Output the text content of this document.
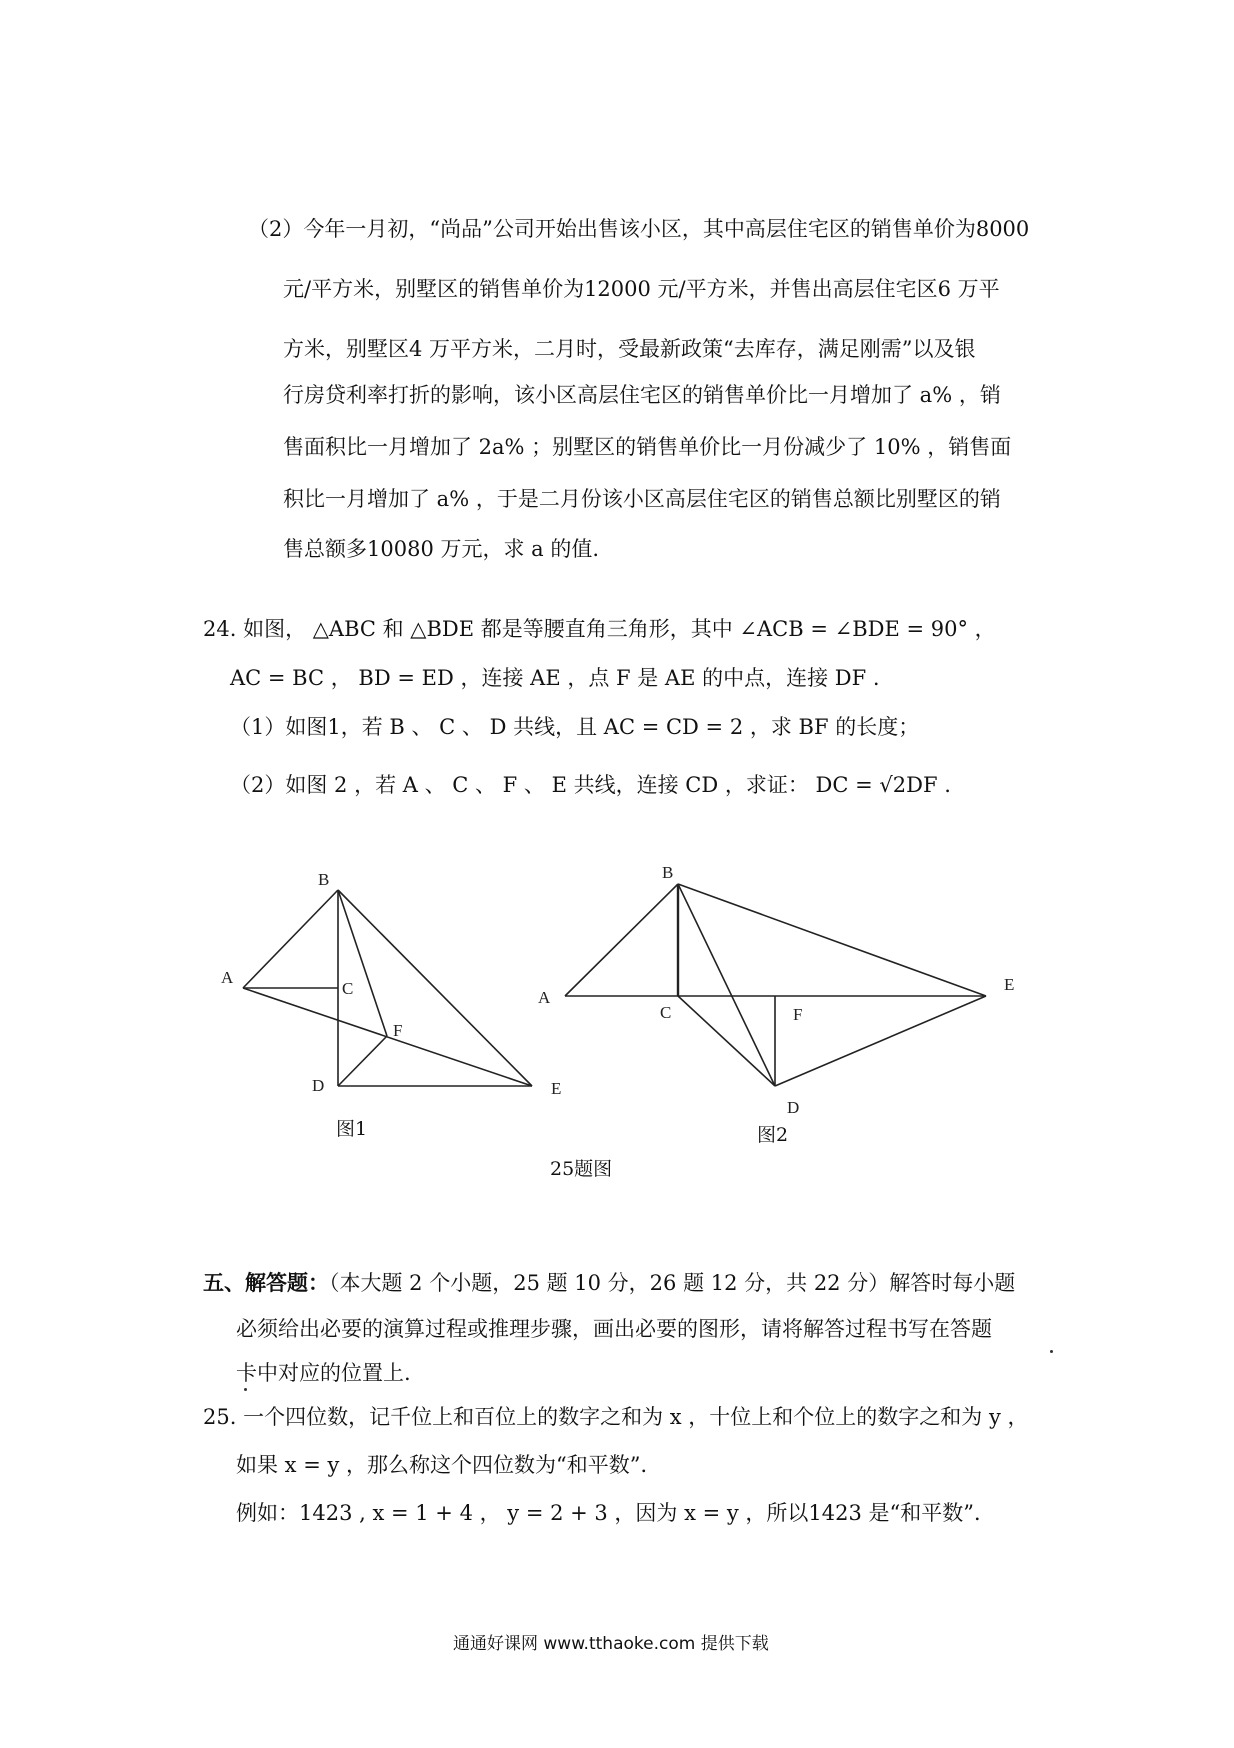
（2）今年一月初，“尚品”公司开始出售该小区，其中高层住宅区的销售单价为8000
元/平方米，别墅区的销售单价为12000 元/平方米，并售出高层住宅区6 万平
方米，别墅区4 万平方米，二月时，受最新政策“去库存，满足刚需”以及银
行房贷利率打折的影响，该小区高层住宅区的销售单价比一月增加了 a% ，销
售面积比一月增加了 2a% ；别墅区的销售单价比一月份减少了 10% ，销售面
积比一月增加了 a% ，于是二月份该小区高层住宅区的销售总额比别墅区的销
售总额多10080 万元，求 a 的值.
24. 如图， △ABC 和 △BDE 都是等腰直角三角形，其中 ∠ACB = ∠BDE = 90° ，
AC = BC ， BD = ED ，连接 AE ，点 F 是 AE 的中点，连接 DF .
（1）如图1，若 B 、 C 、 D 共线，且 AC = CD = 2 ，求 BF 的长度；
（2）如图 2 ，若 A 、 C 、 F 、 E 共线，连接 CD ，求证： DC = √2DF .
B
A
C
F
D	E
B
A
C	F
E
D
图1	图2
25题图
五、解答题：（本大题 2 个小题，25 题 10 分，26 题 12 分，共 22 分）解答时每小题
必须给出必要的演算过程或推理步骤，画出必要的图形，请将解答过程书写在答题
卡中对应的位置上.
25. 一个四位数，记千位上和百位上的数字之和为 x ，十位上和个位上的数字之和为 y ，
如果 x = y ，那么称这个四位数为“和平数”．
例如：1423 , x = 1 + 4 ， y = 2 + 3 ，因为 x = y ，所以1423 是“和平数”．
通通好课网 www.tthaoke.com 提供下载
